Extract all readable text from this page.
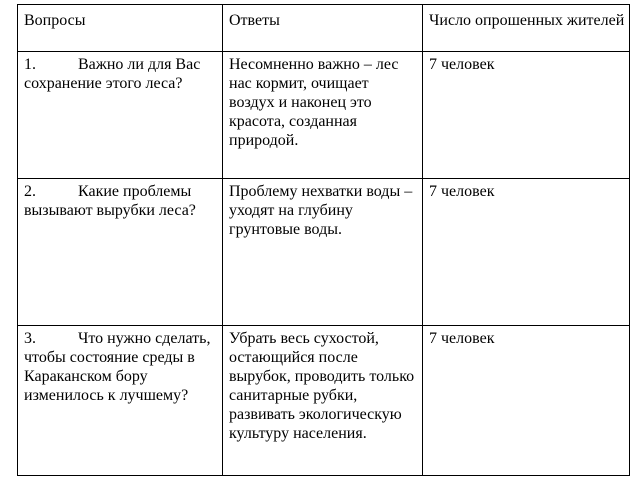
Вопросы	Ответы	Число опрошенных жителей
1. Важно ли для Вас сохранение этого леса?	Несомненно важно – лес нас кормит, очищает воздух и наконец это красота, созданная природой.	7 человек

2. Какие проблемы вызывают вырубки леса?	Проблему нехватки воды – уходят на глубину грунтовые воды.	7 человек

3. Что нужно сделать, чтобы состояние среды в Караканском бору изменилось к лучшему?	Убрать весь сухостой, остающийся после вырубок, проводить только санитарные рубки, развивать экологическую культуру населения.	7 человек
